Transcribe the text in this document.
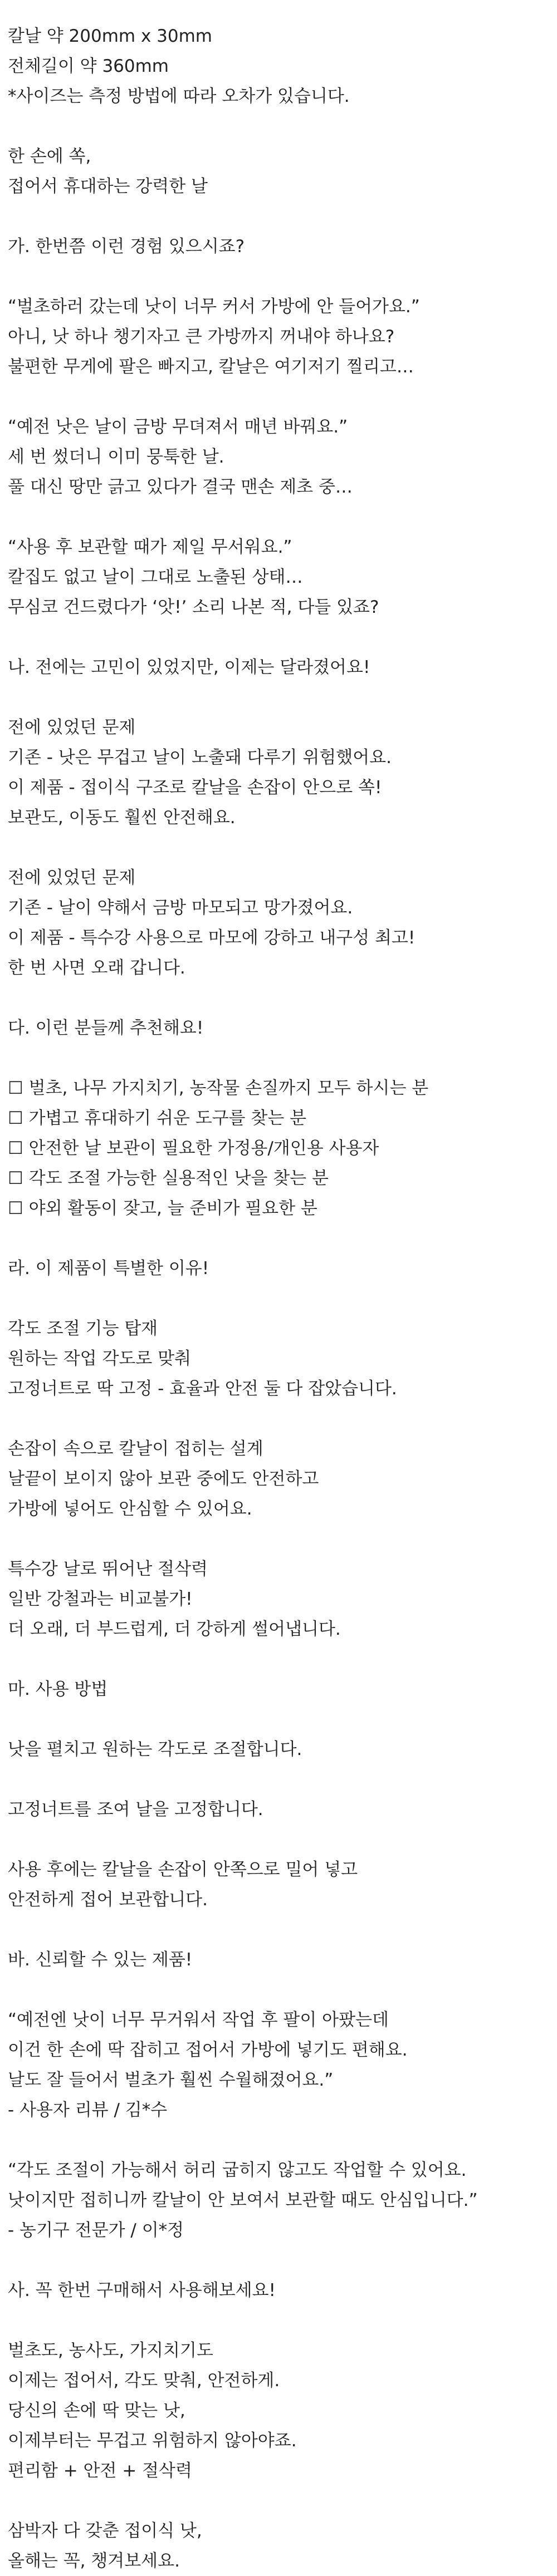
칼날 약 200mm x 30mm
전체길이 약 360mm
*사이즈는 측정 방법에 따라 오차가 있습니다.
한 손에 쏙,
접어서 휴대하는 강력한 날
가. 한번쯤 이런 경험 있으시죠?
“벌초하러 갔는데 낫이 너무 커서 가방에 안 들어가요.”
아니, 낫 하나 챙기자고 큰 가방까지 꺼내야 하나요?
불편한 무게에 팔은 빠지고, 칼날은 여기저기 찔리고…
“예전 낫은 날이 금방 무뎌져서 매년 바꿔요.”
세 번 썼더니 이미 뭉툭한 날.
풀 대신 땅만 긁고 있다가 결국 맨손 제초 중…
“사용 후 보관할 때가 제일 무서워요.”
칼집도 없고 날이 그대로 노출된 상태…
무심코 건드렸다가 ‘앗!’ 소리 나본 적, 다들 있죠?
나. 전에는 고민이 있었지만, 이제는 달라졌어요!
전에 있었던 문제
기존 - 낫은 무겁고 날이 노출돼 다루기 위험했어요.
이 제품 - 접이식 구조로 칼날을 손잡이 안으로 쏙!
보관도, 이동도 훨씬 안전해요.
전에 있었던 문제
기존 - 날이 약해서 금방 마모되고 망가졌어요.
이 제품 - 특수강 사용으로 마모에 강하고 내구성 최고!
한 번 사면 오래 갑니다.
다. 이런 분들께 추천해요!
☐ 벌초, 나무 가지치기, 농작물 손질까지 모두 하시는 분
☐ 가볍고 휴대하기 쉬운 도구를 찾는 분
☐ 안전한 날 보관이 필요한 가정용/개인용 사용자
☐ 각도 조절 가능한 실용적인 낫을 찾는 분
☐ 야외 활동이 잦고, 늘 준비가 필요한 분
라. 이 제품이 특별한 이유!
각도 조절 기능 탑재
원하는 작업 각도로 맞춰
고정너트로 딱 고정 - 효율과 안전 둘 다 잡았습니다.
손잡이 속으로 칼날이 접히는 설계
날끝이 보이지 않아 보관 중에도 안전하고
가방에 넣어도 안심할 수 있어요.
특수강 날로 뛰어난 절삭력
일반 강철과는 비교불가!
더 오래, 더 부드럽게, 더 강하게 썰어냅니다.
마. 사용 방법
낫을 펼치고 원하는 각도로 조절합니다.
고정너트를 조여 날을 고정합니다.
사용 후에는 칼날을 손잡이 안쪽으로 밀어 넣고
안전하게 접어 보관합니다.
바. 신뢰할 수 있는 제품!
“예전엔 낫이 너무 무거워서 작업 후 팔이 아팠는데
이건 한 손에 딱 잡히고 접어서 가방에 넣기도 편해요.
날도 잘 들어서 벌초가 훨씬 수월해졌어요.”
- 사용자 리뷰 / 김*수
“각도 조절이 가능해서 허리 굽히지 않고도 작업할 수 있어요.
낫이지만 접히니까 칼날이 안 보여서 보관할 때도 안심입니다.”
- 농기구 전문가 / 이*정
사. 꼭 한번 구매해서 사용해보세요!
벌초도, 농사도, 가지치기도
이제는 접어서, 각도 맞춰, 안전하게.
당신의 손에 딱 맞는 낫,
이제부터는 무겁고 위험하지 않아야죠.
편리함 + 안전 + 절삭력
삼박자 다 갖춘 접이식 낫,
올해는 꼭, 챙겨보세요.
